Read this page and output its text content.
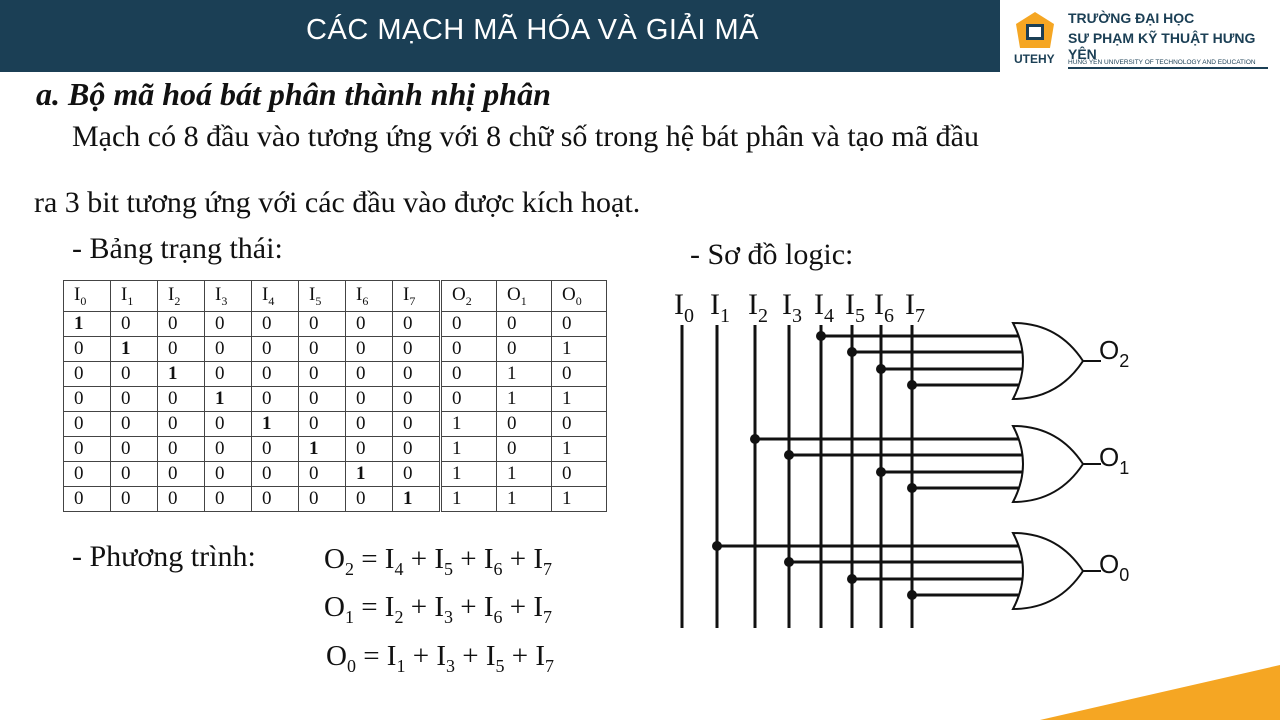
CÁC MẠCH MÃ HÓA VÀ GIẢI MÃ
UTEHY
TRƯỜNG ĐẠI HỌC
SƯ PHẠM KỸ THUẬT HƯNG YÊN
HUNG YEN UNIVERSITY OF TECHNOLOGY AND EDUCATION
a. Bộ mã hoá bát phân thành nhị phân
Mạch có 8 đầu vào tương ứng với 8 chữ số trong hệ bát phân và tạo mã đầu
ra 3 bit tương ứng với các đầu vào được kích hoạt.
- Bảng trạng thái:	- Sơ đồ logic:
- Phương trình:
$I_0$	$I_1$	$I_2$	$I_3$	$I_4$	$I_5$	$I_6$	$I_7$	$O_2$	$O_1$	$O_0$
1	0	0	0	0	0	0	0	0	0	0
0	1	0	0	0	0	0	0	0	0	1
0	0	1	0	0	0	0	0	0	1	0
0	0	0	1	0	0	0	0	0	1	1
0	0	0	0	1	0	0	0	1	0	0
0	0	0	0	0	1	0	0	1	0	1
0	0	0	0	0	0	1	0	1	1	0
0	0	0	0	0	0	0	1	1	1	1
$O_2 = I_4 + I_5 + I_6 + I_7$
$O_1 = I_2 + I_3 + I_6 + I_7$
$O_0 = I_1 + I_3 + I_5 + I_7$
$I_0$ $I_1$ $I_2$ $I_3$ $I_4$ $I_5$ $I_6$ $I_7$
$O_2$
$O_1$
$O_0$
